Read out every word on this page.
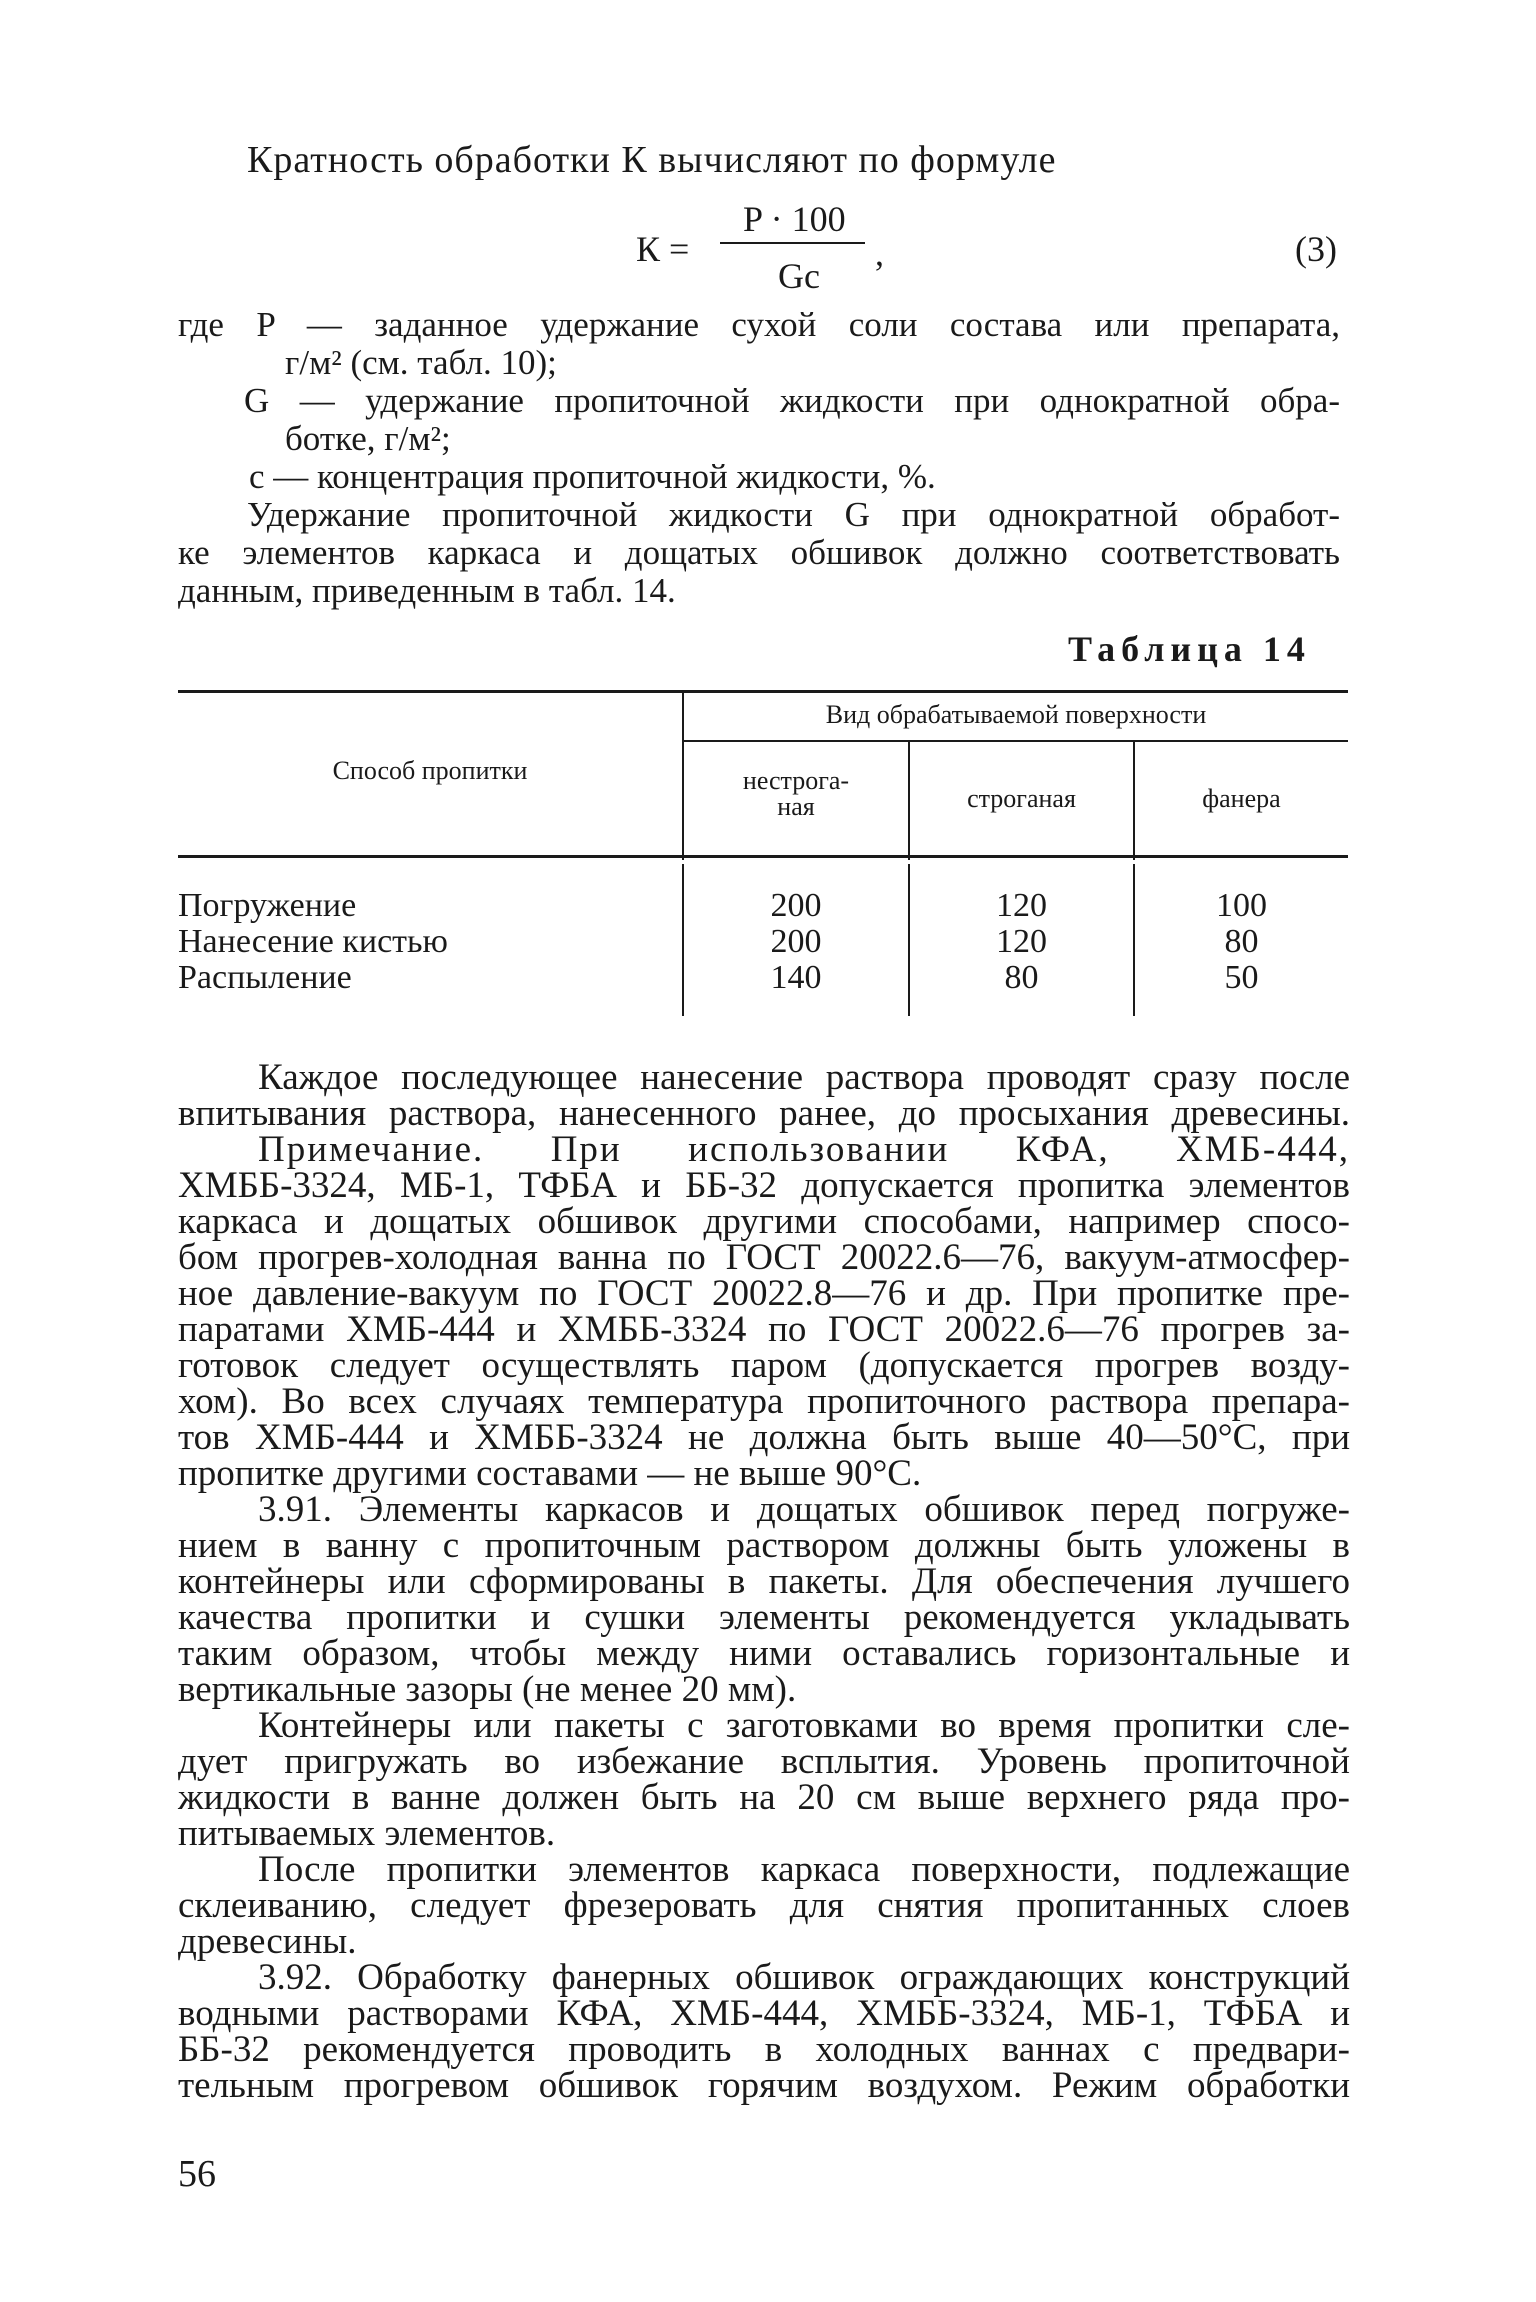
Кратность обработки К вычисляют по формуле
К =
P · 100
Gc
,	(3)
где P — заданное удержание сухой соли состава или препарата,
г/м² (см. табл. 10);
G — удержание пропиточной жидкости при однократной обра-
ботке, г/м²;
c — концентрация пропиточной жидкости, %.
Удержание пропиточной жидкости G при однократной обработ-
ке элементов каркаса и дощатых обшивок должно соответствовать
данным, приведенным в табл. 14.
Таблица 14
Способ пропитки
Вид обрабатываемой поверхности
нестрога-
ная	строганая	фанера
Погружение	200	120	100
Нанесение кистью	200	120	80
Распыление	140	80	50
Каждое последующее нанесение раствора проводят сразу после
впитывания раствора, нанесенного ранее, до просыхания древесины.
Примечание. При использовании КФА, ХМБ-444,
ХМББ-3324, МБ-1, ТФБА и ББ-32 допускается пропитка элементов
каркаса и дощатых обшивок другими способами, например спосо-
бом прогрев-холодная ванна по ГОСТ 20022.6—76, вакуум-атмосфер-
ное давление-вакуум по ГОСТ 20022.8—76 и др. При пропитке пре-
паратами ХМБ-444 и ХМББ-3324 по ГОСТ 20022.6—76 прогрев за-
готовок следует осуществлять паром (допускается прогрев возду-
хом). Во всех случаях температура пропиточного раствора препара-
тов ХМБ-444 и ХМББ-3324 не должна быть выше 40—50°С, при
пропитке другими составами — не выше 90°С.
3.91. Элементы каркасов и дощатых обшивок перед погруже-
нием в ванну с пропиточным раствором должны быть уложены в
контейнеры или сформированы в пакеты. Для обеспечения лучшего
качества пропитки и сушки элементы рекомендуется укладывать
таким образом, чтобы между ними оставались горизонтальные и
вертикальные зазоры (не менее 20 мм).
Контейнеры или пакеты с заготовками во время пропитки сле-
дует пригружать во избежание всплытия. Уровень пропиточной
жидкости в ванне должен быть на 20 см выше верхнего ряда про-
питываемых элементов.
После пропитки элементов каркаса поверхности, подлежащие
склеиванию, следует фрезеровать для снятия пропитанных слоев
древесины.
3.92. Обработку фанерных обшивок ограждающих конструкций
водными растворами КФА, ХМБ-444, ХМББ-3324, МБ-1, ТФБА и
ББ-32 рекомендуется проводить в холодных ваннах с предвари-
тельным прогревом обшивок горячим воздухом. Режим обработки
56
